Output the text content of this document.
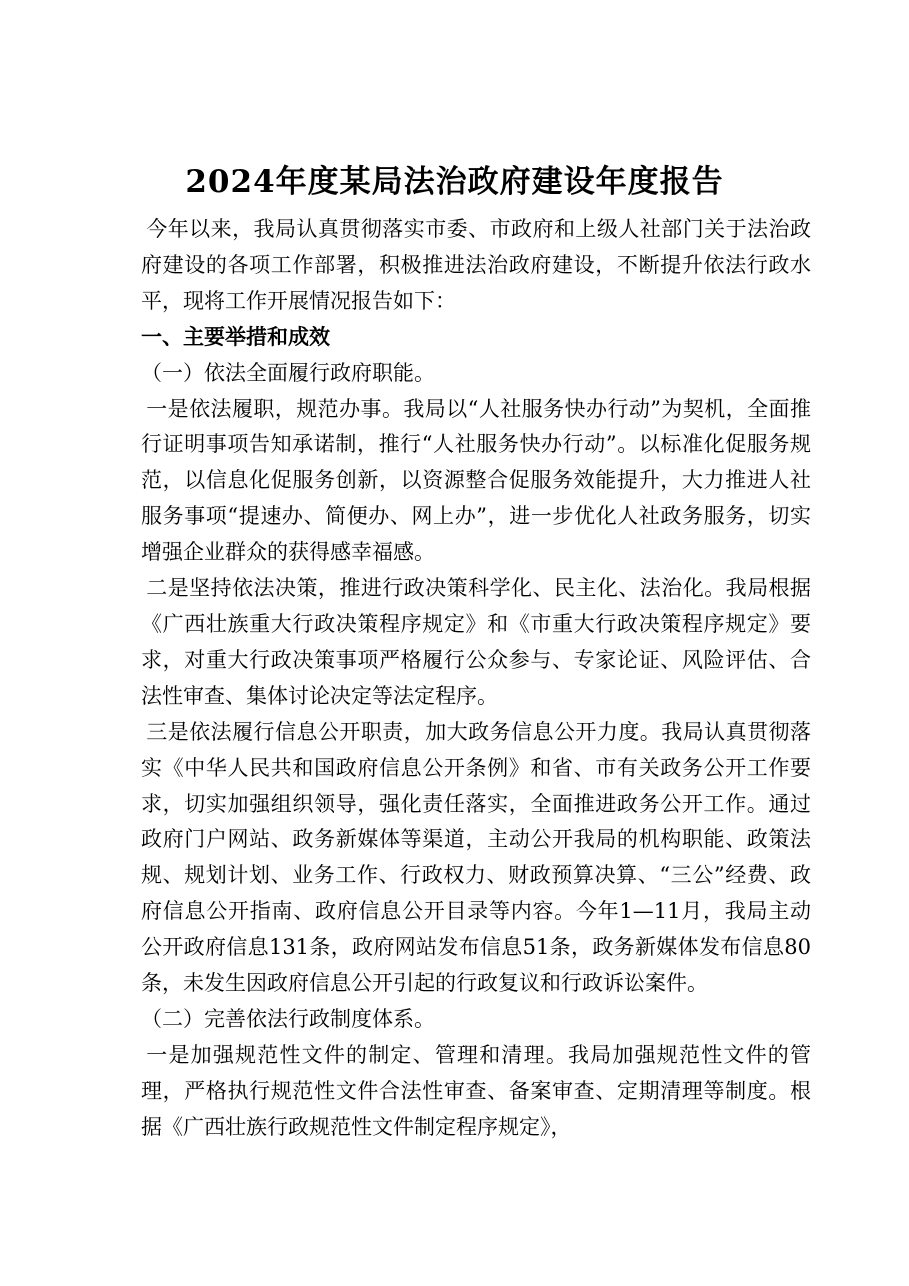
2024年度某局法治政府建设年度报告

今年以来，我局认真贯彻落实市委、市政府和上级人社部门关于法治政府建设的各项工作部署，积极推进法治政府建设，不断提升依法行政水平，现将工作开展情况报告如下：

一、主要举措和成效

（一）依法全面履行政府职能。

一是依法履职，规范办事。我局以“人社服务快办行动”为契机，全面推行证明事项告知承诺制，推行“人社服务快办行动”。以标准化促服务规范，以信息化促服务创新，以资源整合促服务效能提升，大力推进人社服务事项“提速办、简便办、网上办”，进一步优化人社政务服务，切实增强企业群众的获得感幸福感。

二是坚持依法决策，推进行政决策科学化、民主化、法治化。我局根据《广西壮族重大行政决策程序规定》和《市重大行政决策程序规定》要求，对重大行政决策事项严格履行公众参与、专家论证、风险评估、合法性审查、集体讨论决定等法定程序。

三是依法履行信息公开职责，加大政务信息公开力度。我局认真贯彻落实《中华人民共和国政府信息公开条例》和省、市有关政务公开工作要求，切实加强组织领导，强化责任落实，全面推进政务公开工作。通过政府门户网站、政务新媒体等渠道，主动公开我局的机构职能、政策法规、规划计划、业务工作、行政权力、财政预算决算、“三公”经费、政府信息公开指南、政府信息公开目录等内容。今年1—11月，我局主动公开政府信息131条，政府网站发布信息51条，政务新媒体发布信息80条，未发生因政府信息公开引起的行政复议和行政诉讼案件。

（二）完善依法行政制度体系。

一是加强规范性文件的制定、管理和清理。我局加强规范性文件的管理，严格执行规范性文件合法性审查、备案审查、定期清理等制度。根据《广西壮族行政规范性文件制定程序规定》，
